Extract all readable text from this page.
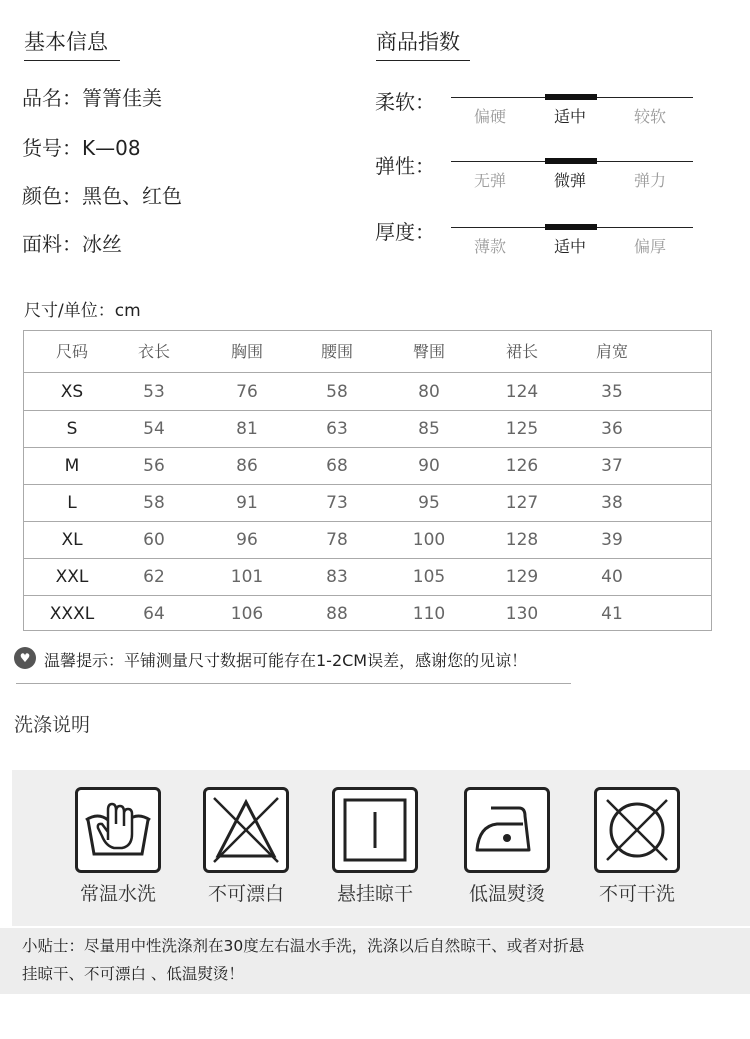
基本信息
品名：箐箐佳美
货号：K—08
颜色：黑色、红色
面料：冰丝
商品指数
柔软：
偏硬	适中	较软
弹性：
无弹	微弹	弹力
厚度：
薄款	适中	偏厚
尺寸/单位：cm
尺码	衣长	胸围	腰围	臀围	裙长	肩宽
XS	53	76	58	80	124	35
S	54	81	63	85	125	36
M	56	86	68	90	126	37
L	58	91	73	95	127	38
XL	60	96	78	100	128	39
XXL	62	101	83	105	129	40
XXXL	64	106	88	110	130	41
♥ 温馨提示：平铺测量尺寸数据可能存在1-2CM误差，感谢您的见谅！
洗涤说明
常温水洗	不可漂白	悬挂晾干	低温熨烫	不可干洗
小贴士：尽量用中性洗涤剂在30度左右温水手洗，洗涤以后自然晾干、或者对折悬
挂晾干、不可漂白 、低温熨烫！
